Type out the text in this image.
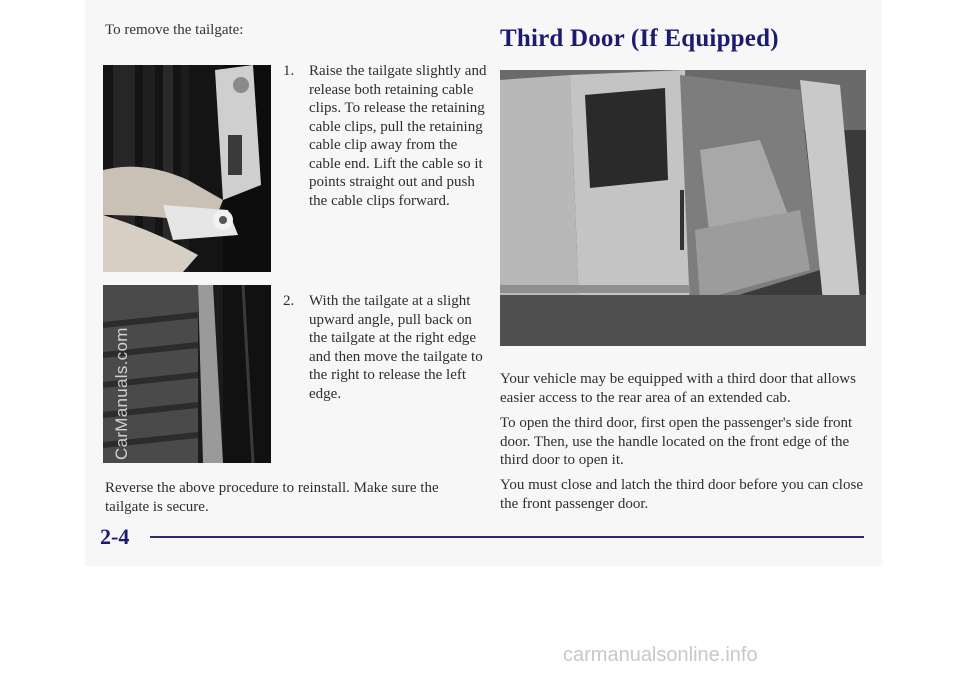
To remove the tailgate:
1. Raise the tailgate slightly and release both retaining cable clips. To release the retaining cable clips, pull the retaining cable clip away from the cable end. Lift the cable so it points straight out and push the cable clips forward.
2. With the tailgate at a slight upward angle, pull back on the tailgate at the right edge and then move the tailgate to the right to release the left edge.
Reverse the above procedure to reinstall. Make sure the tailgate is secure.
Third Door (If Equipped)
Your vehicle may be equipped with a third door that allows easier access to the rear area of an extended cab.
To open the third door, first open the passenger's side front door. Then, use the handle located on the front edge of the third door to open it.
You must close and latch the third door before you can close the front passenger door.
2-4
CarManuals.com
carmanualsonline.info
